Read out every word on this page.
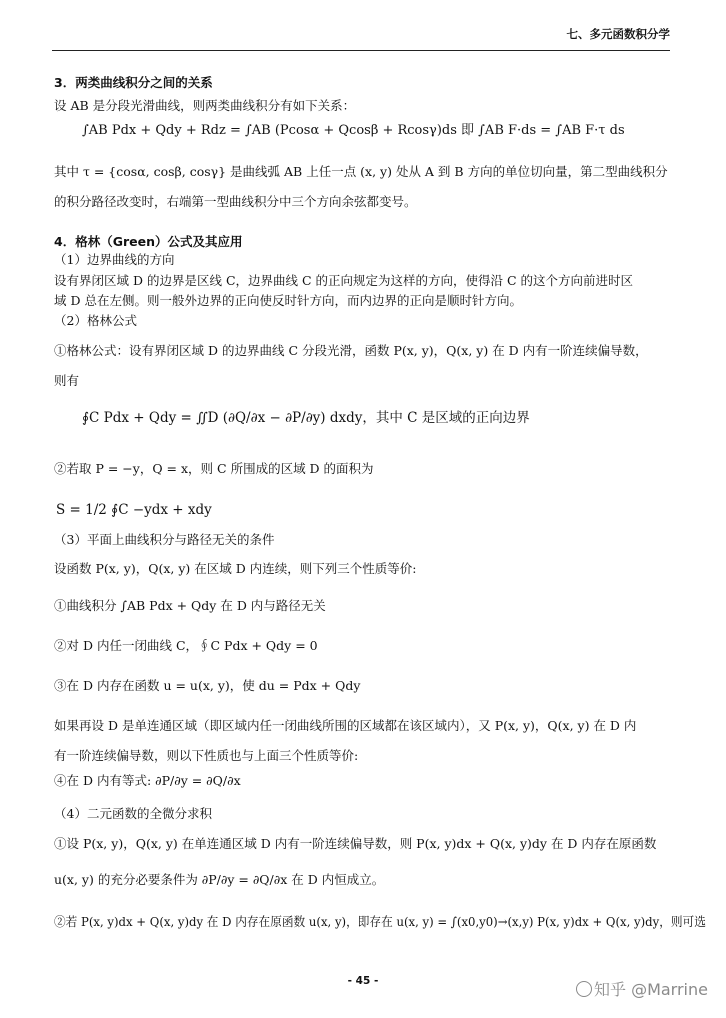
七、多元函数积分学
3．两类曲线积分之间的关系
设 AB 是分段光滑曲线，则两类曲线积分有如下关系：
∫AB Pdx + Qdy + Rdz = ∫AB (Pcosα + Qcosβ + Rcosγ)ds 即 ∫AB F·ds = ∫AB F·τ ds
其中 τ = {cosα, cosβ, cosγ} 是曲线弧 AB 上任一点 (x, y) 处从 A 到 B 方向的单位切向量，第二型曲线积分
的积分路径改变时，右端第一型曲线积分中三个方向余弦都变号。
4．格林（Green）公式及其应用
（1）边界曲线的方向
设有界闭区域 D 的边界是区线 C，边界曲线 C 的正向规定为这样的方向，使得沿 C 的这个方向前进时区
域 D 总在左侧。则一般外边界的正向使反时针方向，而内边界的正向是顺时针方向。
（2）格林公式
①格林公式：设有界闭区域 D 的边界曲线 C 分段光滑，函数 P(x, y)，Q(x, y) 在 D 内有一阶连续偏导数，
则有
∮C Pdx + Qdy = ∬D (∂Q/∂x − ∂P/∂y) dxdy，其中 C 是区域的正向边界
②若取 P = −y，Q = x，则 C 所围成的区域 D 的面积为
S = 1/2 ∮C −ydx + xdy
（3）平面上曲线积分与路径无关的条件
设函数 P(x, y)，Q(x, y) 在区域 D 内连续，则下列三个性质等价:
①曲线积分 ∫AB Pdx + Qdy 在 D 内与路径无关
②对 D 内任一闭曲线 C，∮C Pdx + Qdy = 0
③在 D 内存在函数 u = u(x, y)，使 du = Pdx + Qdy
如果再设 D 是单连通区域（即区域内任一闭曲线所围的区域都在该区域内），又 P(x, y)，Q(x, y) 在 D 内
有一阶连续偏导数，则以下性质也与上面三个性质等价:
④在 D 内有等式: ∂P/∂y = ∂Q/∂x
（4）二元函数的全微分求积
①设 P(x, y)，Q(x, y) 在单连通区域 D 内有一阶连续偏导数，则 P(x, y)dx + Q(x, y)dy 在 D 内存在原函数
u(x, y) 的充分必要条件为 ∂P/∂y = ∂Q/∂x 在 D 内恒成立。
②若 P(x, y)dx + Q(x, y)dy 在 D 内存在原函数 u(x, y)，即存在 u(x, y) = ∫(x0,y0)→(x,y) P(x, y)dx + Q(x, y)dy，则可选
- 45 -	知乎 @Marrine
